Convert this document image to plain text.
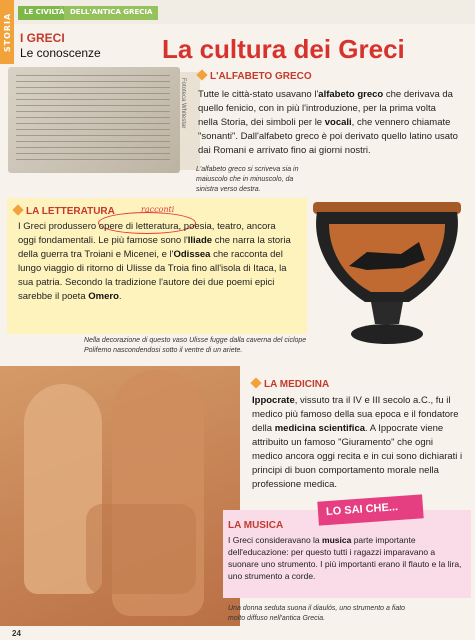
STORIA
LE CIVILTÀ DELL'ANTICA GRECIA
I GRECI
Le conoscenze La cultura dei Greci
Fototeca Whitestar
L'ALFABETO GRECO
Tutte le città-stato usavano l'alfabeto greco che derivava da quello fenicio, con in più l'introduzione, per la prima volta nella Storia, dei simboli per le vocali, che vennero chiamate "sonanti". Dall'alfabeto greco è poi derivato quello latino usato dai Romani e arrivato fino ai giorni nostri.
L'alfabeto greco si scriveva sia in maiuscolo che in minuscolo, da sinistra verso destra.
LA LETTERATURA	racconti
I Greci produssero opere di letteratura, poesia, teatro, ancora oggi fondamentali. Le più famose sono l'Iliade che narra la storia della guerra tra Troiani e Micenei, e l'Odissea che racconta del lungo viaggio di ritorno di Ulisse da Troia fino all'isola di Itaca, la sua patria. Secondo la tradizione l'autore dei due poemi epici sarebbe il poeta Omero.
Nella decorazione di questo vaso Ulisse fugge dalla caverna del ciclope Polifemo nascondendosi sotto il ventre di un ariete.
LA MEDICINA
Ippocrate, vissuto tra il IV e III secolo a.C., fu il medico più famoso della sua epoca e il fondatore della medicina scientifica. A Ippocrate viene attribuito un famoso "Giuramento" che ogni medico ancora oggi recita e in cui sono dichiarati i principi di buon comportamento morale nella professione medica.
LO SAI CHE...
LA MUSICA
I Greci consideravano la musica parte importante dell'educazione: per questo tutti i ragazzi imparavano a suonare uno strumento. I più importanti erano il flauto e la lira, uno strumento a corde.
Una donna seduta suona il diaulós, uno strumento a fiato molto diffuso nell'antica Grecia.
24
